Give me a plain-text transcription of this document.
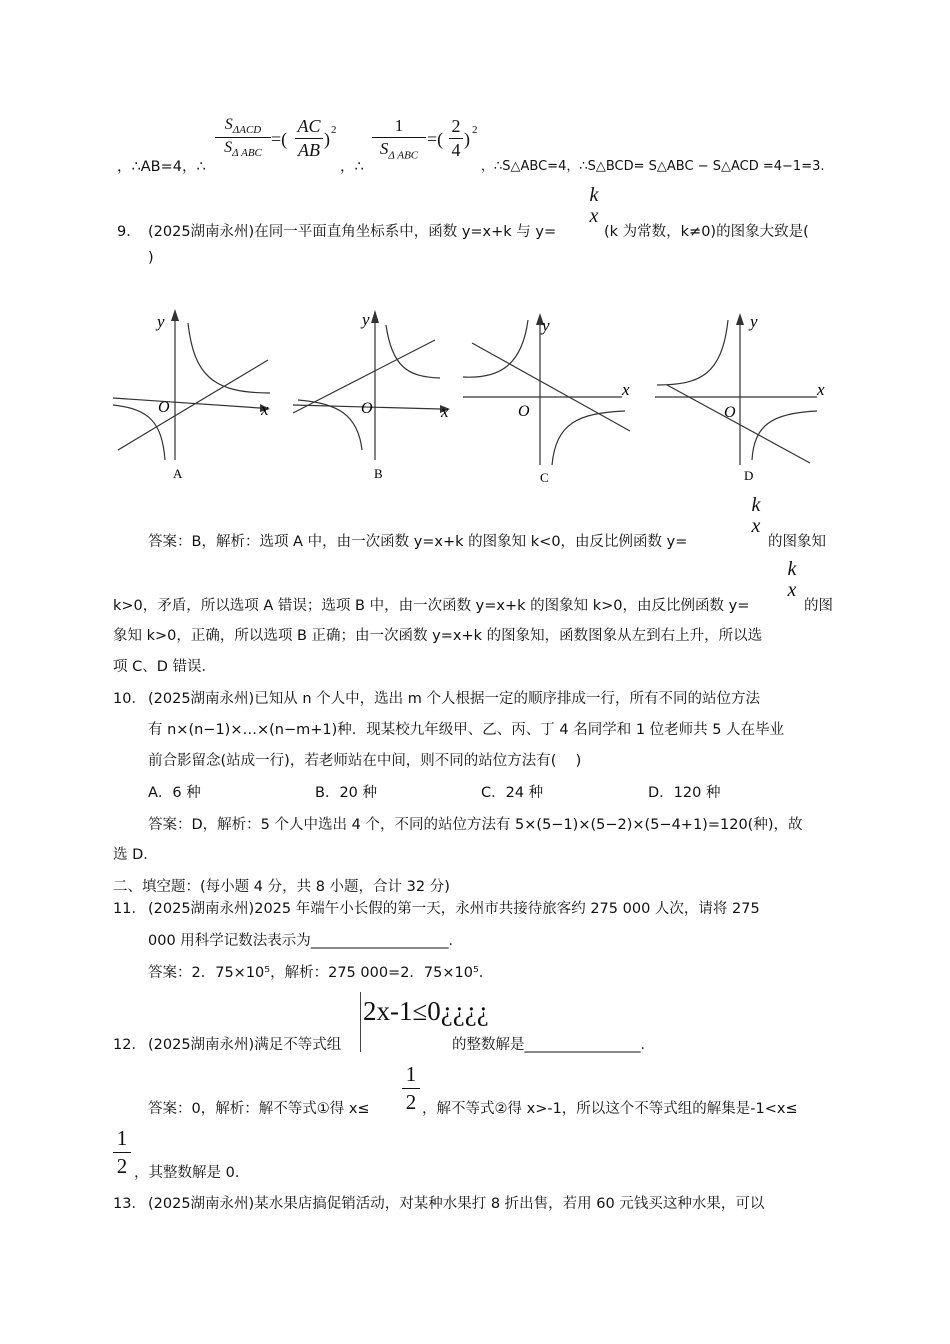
，∴AB=4，∴
$S_{\Delta ACD}$
$S_{\Delta ABC}$
=(
AC
AB
) 2
，∴
1
$S_{\Delta ABC}$
=(
2
4
) 2
，∴S△ABC=4，∴S△BCD= S△ABC − S△ACD =4−1=3.
9． (2025湖南永州)在同一平面直角坐标系中，函数 y=x+k 与 y=
k
x
(k 为常数，k≠0)的图象大致是(
)
y
x
O
A
y
x
O
B
y
x
O
C
y
x
O
D
答案：B，解析：选项 A 中，由一次函数 y=x+k 的图象知 k<0，由反比例函数 y=
k
x
的图象知
k>0，矛盾，所以选项 A 错误；选项 B 中，由一次函数 y=x+k 的图象知 k>0，由反比例函数 y=
k
x
的图
象知 k>0，正确，所以选项 B 正确；由一次函数 y=x+k 的图象知，函数图象从左到右上升，所以选
项 C、D 错误．
10． (2025湖南永州)已知从 n 个人中，选出 m 个人根据一定的顺序排成一行，所有不同的站位方法
有 n×(n−1)×…×(n−m+1)种．现某校九年级甲、乙、丙、丁 4 名同学和 1 位老师共 5 人在毕业
前合影留念(站成一行)，若老师站在中间，则不同的站位方法有(　 )
A．6 种	B．20 种	C．24 种	D．120 种
答案：D，解析：5 个人中选出 4 个，不同的站位方法有 5×(5−1)×(5−2)×(5−4+1)=120(种)，故
选 D．
二、填空题：(每小题 4 分，共 8 小题，合计 32 分)
11． (2025湖南永州)2025 年端午小长假的第一天，永州市共接待旅客约 275 000 人次，请将 275
000 用科学记数法表示为___________________．
答案：2．75×10⁵，解析：275 000=2．75×10⁵．
12． (2025湖南永州)满足不等式组
2x-1≤0¿¿¿¿
的整数解是________________．
答案：0，解析：解不等式①得 x≤
1
2 ，解不等式②得 x>-1，所以这个不等式组的解集是-1<x≤
1
2 ，其整数解是 0．
13． (2025湖南永州)某水果店搞促销活动，对某种水果打 8 折出售，若用 60 元钱买这种水果，可以
